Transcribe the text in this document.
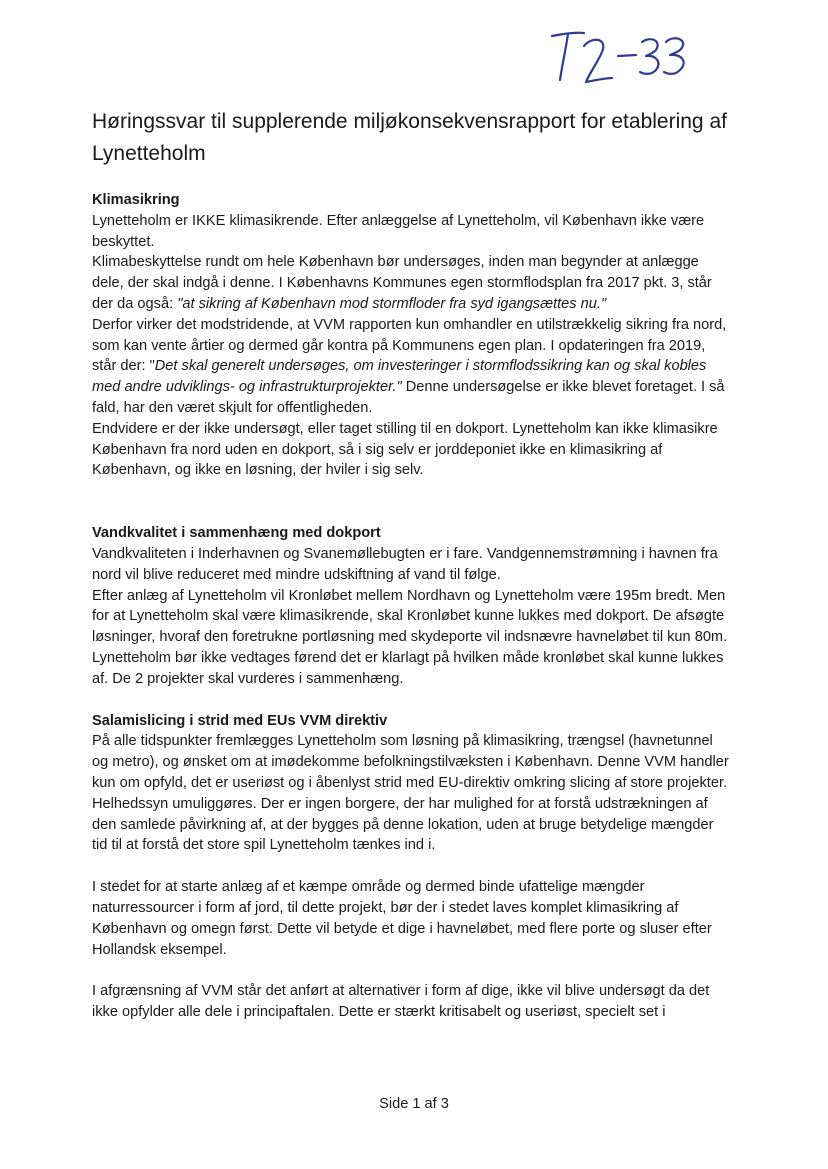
Høringssvar til supplerende miljøkonsekvensrapport for etablering af Lynetteholm
Klimasikring

Lynetteholm er IKKE klimasikrende. Efter anlæggelse af Lynetteholm, vil København ikke være beskyttet.

Klimabeskyttelse rundt om hele København bør undersøges, inden man begynder at anlægge dele, der skal indgå i denne. I Københavns Kommunes egen stormflodsplan fra 2017 pkt. 3, står der da også: "at sikring af København mod stormfloder fra syd igangsættes nu."

Derfor virker det modstridende, at VVM rapporten kun omhandler en utilstrækkelig sikring fra nord, som kan vente årtier og dermed går kontra på Kommunens egen plan. I opdateringen fra 2019, står der: "Det skal generelt undersøges, om investeringer i stormflodssikring kan og skal kobles med andre udviklings- og infrastrukturprojekter." Denne undersøgelse er ikke blevet foretaget. I så fald, har den været skjult for offentligheden.

Endvidere er der ikke undersøgt, eller taget stilling til en dokport. Lynetteholm kan ikke klimasikre København fra nord uden en dokport, så i sig selv er jorddeponiet ikke en klimasikring af København, og ikke en løsning, der hviler i sig selv.

Vandkvalitet i sammenhæng med dokport

Vandkvaliteten i Inderhavnen og Svanemøllebugten er i fare. Vandgennemstrømning i havnen fra nord vil blive reduceret med mindre udskiftning af vand til følge.

Efter anlæg af Lynetteholm vil Kronløbet mellem Nordhavn og Lynetteholm være 195m bredt. Men for at Lynetteholm skal være klimasikrende, skal Kronløbet kunne lukkes med dokport. De afsøgte løsninger, hvoraf den foretrukne portløsning med skydeporte vil indsnævre havneløbet til kun 80m. Lynetteholm bør ikke vedtages førend det er klarlagt på hvilken måde kronløbet skal kunne lukkes af. De 2 projekter skal vurderes i sammenhæng.

Salamislicing i strid med EUs VVM direktiv

På alle tidspunkter fremlægges Lynetteholm som løsning på klimasikring, trængsel (havnetunnel og metro), og ønsket om at imødekomme befolkningstilvæksten i København. Denne VVM handler kun om opfyld, det er useriøst og i åbenlyst strid med EU-direktiv omkring slicing af store projekter. Helhedssyn umuliggøres. Der er ingen borgere, der har mulighed for at forstå udstrækningen af den samlede påvirkning af, at der bygges på denne lokation, uden at bruge betydelige mængder tid til at forstå det store spil Lynetteholm tænkes ind i.

I stedet for at starte anlæg af et kæmpe område og dermed binde ufattelige mængder naturressourcer i form af jord, til dette projekt, bør der i stedet laves komplet klimasikring af København og omegn først. Dette vil betyde et dige i havneløbet, med flere porte og sluser efter Hollandsk eksempel.

I afgrænsning af VVM står det anført at alternativer i form af dige, ikke vil blive undersøgt da det ikke opfylder alle dele i principaftalen. Dette er stærkt kritisabelt og useriøst, specielt set i

Side 1 af 3
